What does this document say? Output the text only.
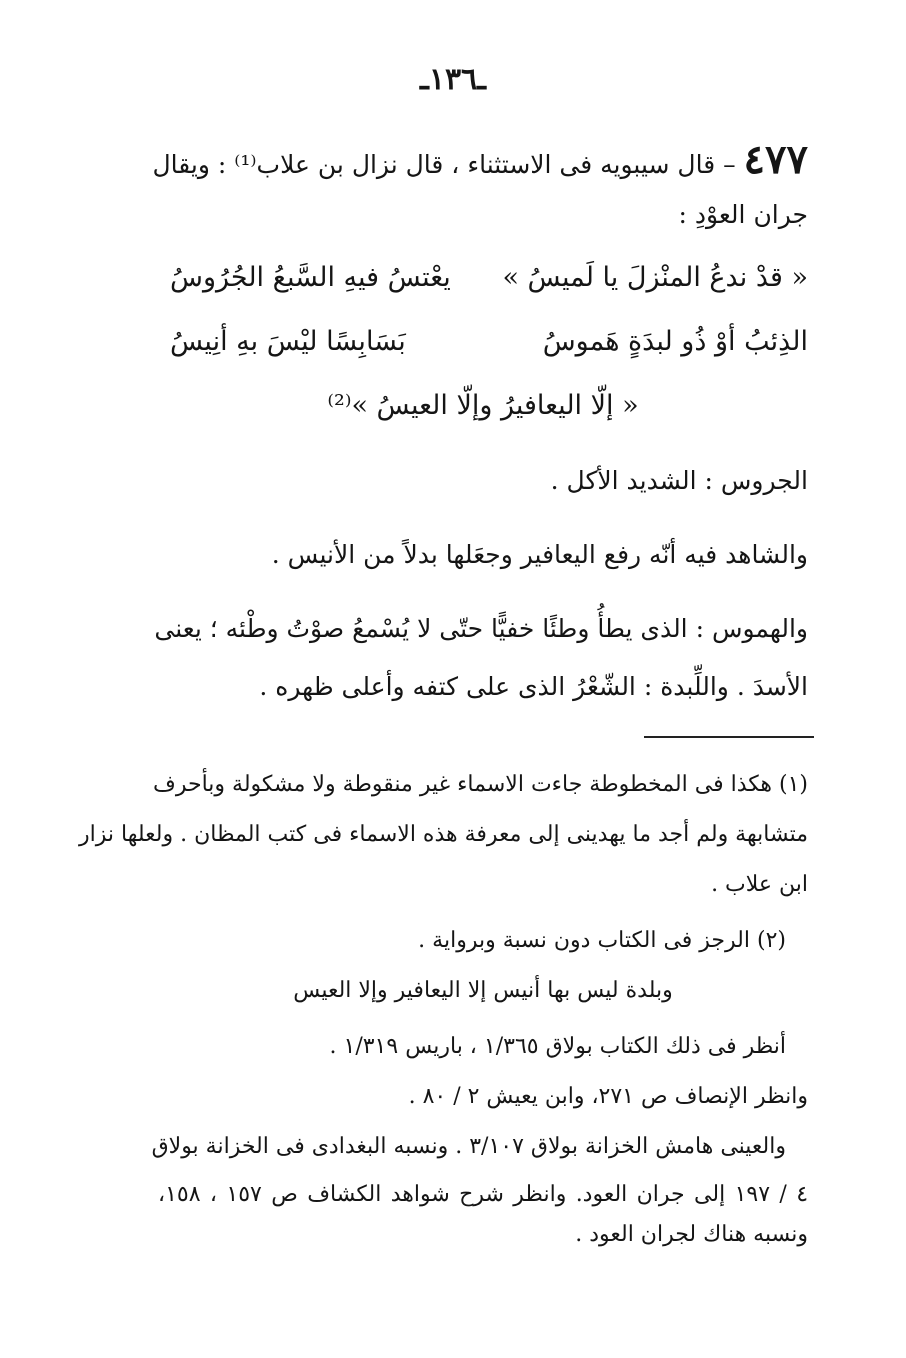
ـ١٣٦ـ
٤٧٧ – قال سيبويه فى الاستثناء ، قال نزال بن علاب⁽¹⁾ : ويقال
جران العوْدِ :
« قدْ ندعُ المنْزلَ يا لَميسُ »
يعْتسُ فيهِ السَّبعُ الجُرُوسُ
الذِئبُ أوْ ذُو لبدَةٍ هَموسُ
بَسَابِسًا ليْسَ بهِ أنِيسُ
« إلّا اليعافيرُ وإلّا العيسُ »⁽²⁾
الجروس : الشديد الأكل .
والشاهد فيه أنّه رفع اليعافير وجعَلها بدلاً من الأنيس .
والهموس : الذى يطأُ وطئًا خفيًّا حتّى لا يُسْمعُ صوْتُ وطْئه ؛ يعنى
الأسدَ . واللِّبدة : الشّعْرُ الذى على كتفه وأعلى ظهره .
(١) هكذا فى المخطوطة جاءت الاسماء غير منقوطة ولا مشكولة وبأحرف
متشابهة ولم أجد ما يهدينى إلى معرفة هذه الاسماء فى كتب المظان . ولعلها نزار
ابن علاب .
(٢) الرجز فى الكتاب دون نسبة وبرواية .
وبلدة ليس بها أنيس إلا اليعافير وإلا العيس
أنظر فى ذلك الكتاب بولاق ١/٣٦٥ ، باريس ١/٣١٩ .
وانظر الإنصاف ص ٢٧١، وابن يعيش ٢ / ٨٠ .
والعينى هامش الخزانة بولاق ٣/١٠٧ . ونسبه البغدادى فى الخزانة بولاق
٤ / ١٩٧ إلى جران العود. وانظر شرح شواهد الكشاف ص ١٥٧ ، ١٥٨،
ونسبه هناك لجران العود .
